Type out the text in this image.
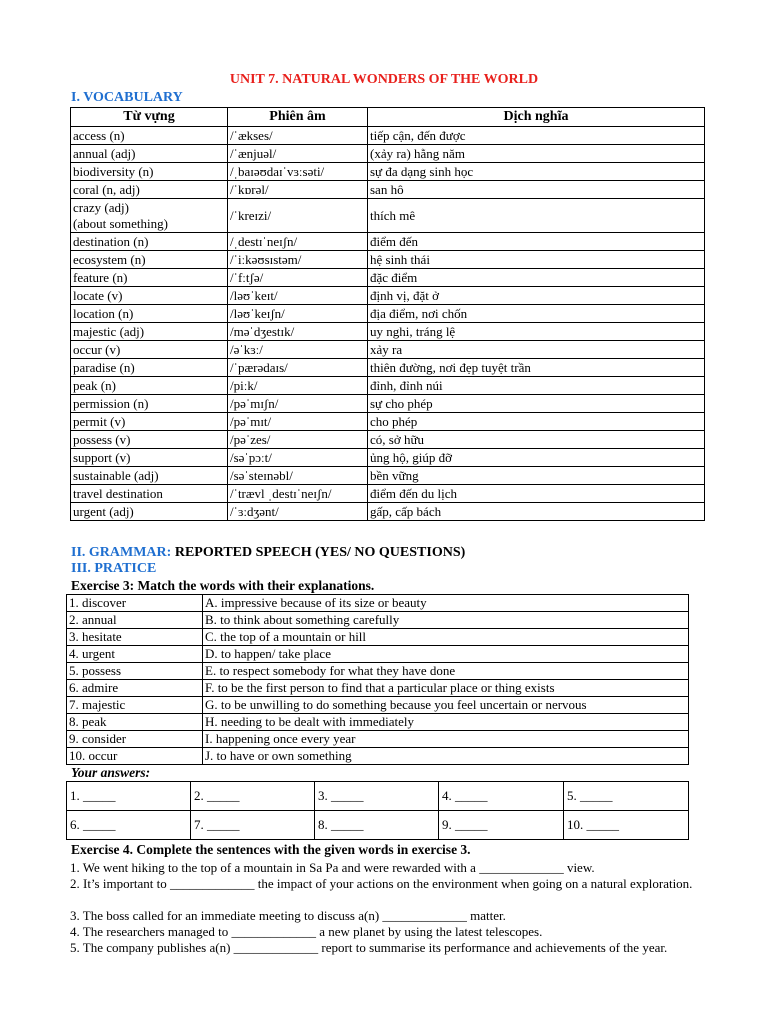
UNIT 7. NATURAL WONDERS OF THE WORLD
I. VOCABULARY
Từ vựng	Phiên âm	Dịch nghĩa
access (n)	/ˈækses/	tiếp cận, đến được
annual (adj)	/ˈænjuəl/	(xảy ra) hằng năm
biodiversity (n)	/ˌbaɪəʊdaɪˈvɜːsəti/	sự đa dạng sinh học
coral (n, adj)	/ˈkɒrəl/	san hô
crazy (adj)
(about something)	/ˈkreɪzi/	thích mê
destination (n)	/ˌdestɪˈneɪʃn/	điểm đến
ecosystem (n)	/ˈiːkəʊsɪstəm/	hệ sinh thái
feature (n)	/ˈfːtʃə/	đặc điểm
locate (v)	/ləʊˈkeɪt/	định vị, đặt ở
location (n)	/ləʊˈkeɪʃn/	địa điểm, nơi chốn
majestic (adj)	/məˈdʒestɪk/	uy nghi, tráng lệ
occur (v)	/əˈkɜː/	xảy ra
paradise (n)	/ˈpærədaɪs/	thiên đường, nơi đẹp tuyệt trần
peak (n)	/piːk/	đỉnh, đỉnh núi
permission (n)	/pəˈmɪʃn/	sự cho phép
permit (v)	/pəˈmɪt/	cho phép
possess (v)	/pəˈzes/	có, sở hữu
support (v)	/səˈpɔːt/	ủng hộ, giúp đỡ
sustainable (adj)	/səˈsteɪnəbl/	bền vững
travel destination	/ˈtrævl ˌdestɪˈneɪʃn/	điểm đến du lịch
urgent (adj)	/ˈɜːdʒənt/	gấp, cấp bách
II. GRAMMAR: REPORTED SPEECH (YES/ NO QUESTIONS)
III. PRATICE
Exercise 3: Match the words with their explanations.
1. discover	A. impressive because of its size or beauty
2. annual	B. to think about something carefully
3. hesitate	C. the top of a mountain or hill
4. urgent	D. to happen/ take place
5. possess	E. to respect somebody for what they have done
6. admire	F. to be the first person to find that a particular place or thing exists
7. majestic	G. to be unwilling to do something because you feel uncertain or nervous
8. peak	H. needing to be dealt with immediately
9. consider	I. happening once every year
10. occur	J. to have or own something
Your answers:
1. _____	2. _____	3. _____	4. _____	5. _____
6. _____	7. _____	8. _____	9. _____	10. _____
Exercise 4. Complete the sentences with the given words in exercise 3.

1. We went hiking to the top of a mountain in Sa Pa and were rewarded with a _____________ view.

2. It’s important to _____________ the impact of your actions on the environment when going on a natural exploration.

3. The boss called for an immediate meeting to discuss a(n) _____________ matter.

4. The researchers managed to _____________ a new planet by using the latest telescopes.

5. The company publishes a(n) _____________ report to summarise its performance and achievements of the year.
